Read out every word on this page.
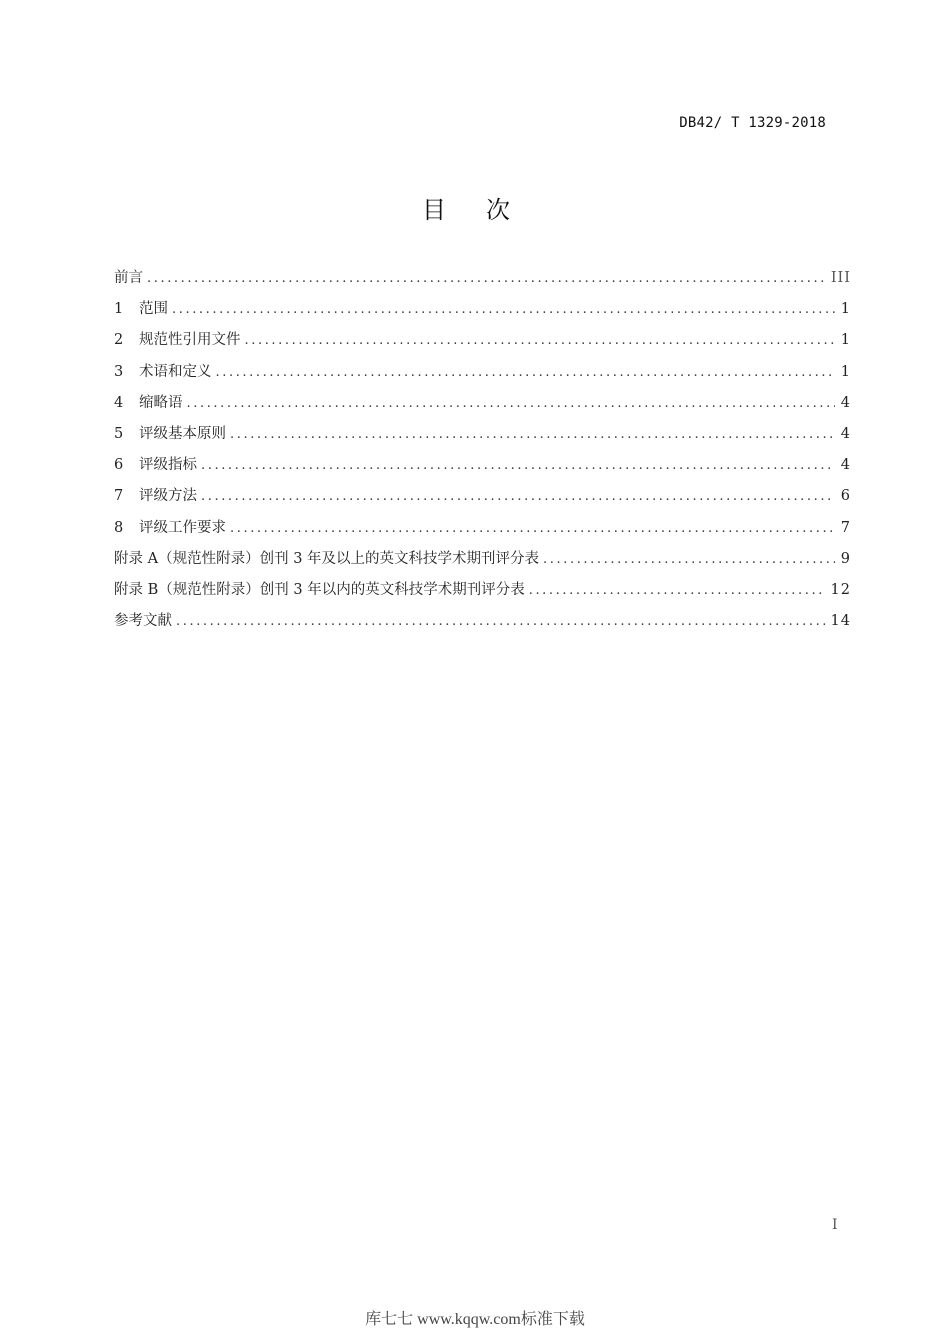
DB42/ T 1329-2018
目次
前言 .....	III
1	范围 .....	1
2	规范性引用文件 .....	1
3	术语和定义 .....	1
4	缩略语 .....	4
5	评级基本原则 .....	4
6	评级指标 .....	4
7	评级方法 .....	6
8	评级工作要求 .....	7
附录 A（规范性附录）创刊 3 年及以上的英文科技学术期刊评分表 .....	9
附录 B（规范性附录）创刊 3 年以内的英文科技学术期刊评分表 .....	12
参考文献 .....	14
I
库七七 www.kqqw.com标准下载
